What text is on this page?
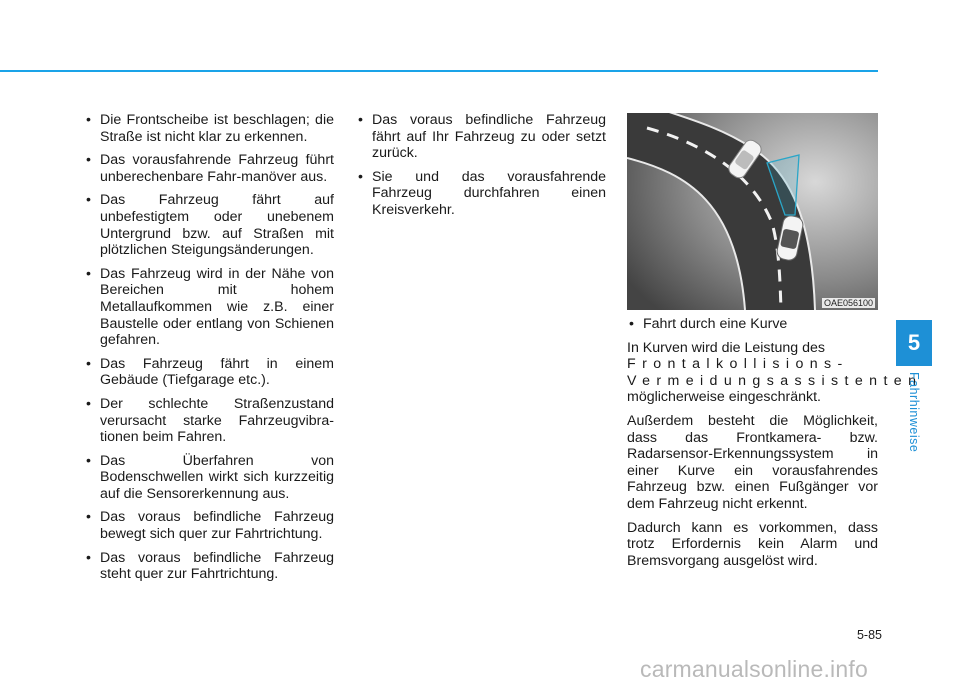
• Die Frontscheibe ist beschlagen; die Straße ist nicht klar zu erkennen.
• Das vorausfahrende Fahrzeug führt unberechenbare Fahr-manöver aus.
• Das Fahrzeug fährt auf unbefestigtem oder unebenem Untergrund bzw. auf Straßen mit plötzlichen Steigungsänderungen.
• Das Fahrzeug wird in der Nähe von Bereichen mit hohem Metallaufkommen wie z.B. einer Baustelle oder entlang von Schienen gefahren.
• Das Fahrzeug fährt in einem Gebäude (Tiefgarage etc.).
• Der schlechte Straßenzustand verursacht starke Fahrzeugvibra-tionen beim Fahren.
• Das Überfahren von Bodenschwellen wirkt sich kurzzeitig auf die Sensorerkennung aus.
• Das voraus befindliche Fahrzeug bewegt sich quer zur Fahrtrichtung.
• Das voraus befindliche Fahrzeug steht quer zur Fahrtrichtung.
• Das voraus befindliche Fahrzeug fährt auf Ihr Fahrzeug zu oder setzt zurück.
• Sie und das vorausfahrende Fahrzeug durchfahren einen Kreisverkehr.
OAE056100
• Fahrt durch eine Kurve

In Kurven wird die Leistung des
Frontalkollisions-
Vermeidungsassistenten
möglicherweise eingeschränkt.

Außerdem besteht die Möglichkeit, dass das Frontkamera- bzw. Radarsensor-Erkennungssystem in einer Kurve ein vorausfahrendes Fahrzeug bzw. einen Fußgänger vor dem Fahrzeug nicht erkennt.

Dadurch kann es vorkommen, dass trotz Erfordernis kein Alarm und Bremsvorgang ausgelöst wird.

5
Fahrhinweise
5-85
carmanualsonline.info
